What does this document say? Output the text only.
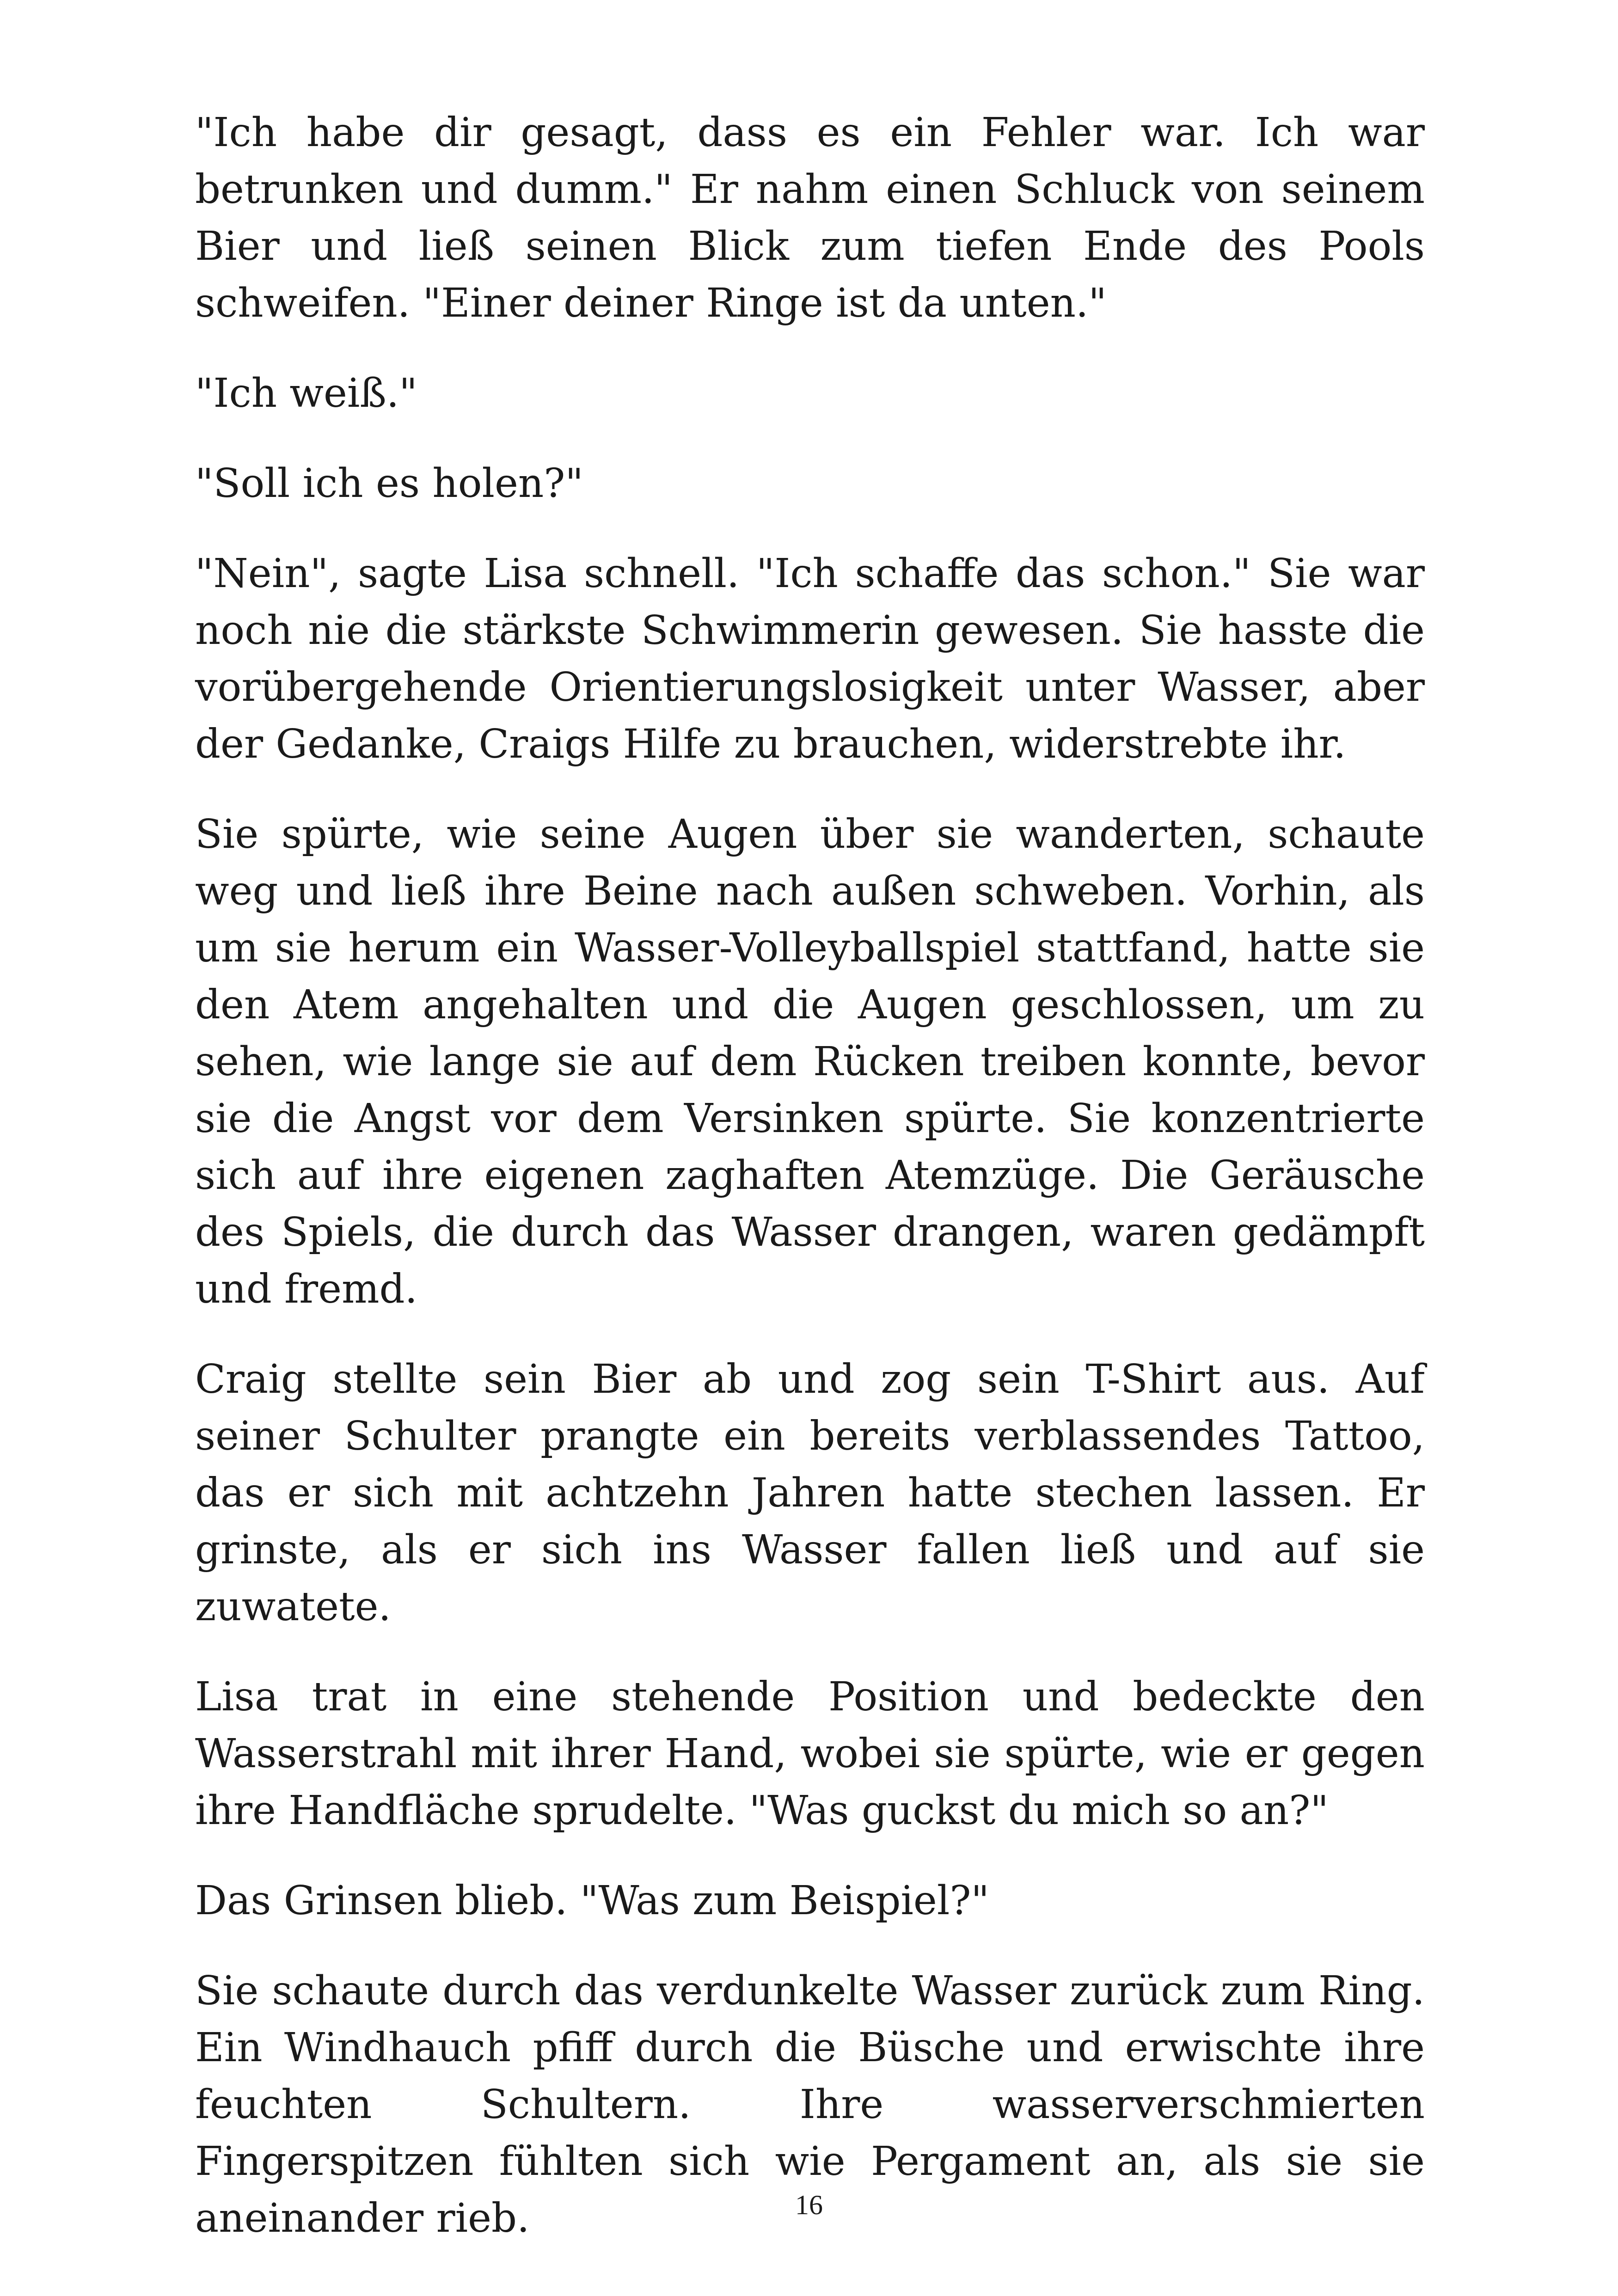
"Ich habe dir gesagt, dass es ein Fehler war. Ich war betrunken und dumm." Er nahm einen Schluck von seinem Bier und ließ seinen Blick zum tiefen Ende des Pools schweifen. "Einer deiner Ringe ist da unten."

"Ich weiß."

"Soll ich es holen?"

"Nein", sagte Lisa schnell. "Ich schaffe das schon." Sie war noch nie die stärkste Schwimmerin gewesen. Sie hasste die vorübergehende Orientierungslosigkeit unter Wasser, aber der Gedanke, Craigs Hilfe zu brauchen, widerstrebte ihr.

Sie spürte, wie seine Augen über sie wanderten, schaute weg und ließ ihre Beine nach außen schweben. Vorhin, als um sie herum ein Wasser-Volleyballspiel stattfand, hatte sie den Atem angehalten und die Augen geschlossen, um zu sehen, wie lange sie auf dem Rücken treiben konnte, bevor sie die Angst vor dem Versinken spürte. Sie konzentrierte sich auf ihre eigenen zaghaften Atemzüge. Die Geräusche des Spiels, die durch das Wasser drangen, waren gedämpft und fremd.

Craig stellte sein Bier ab und zog sein T-Shirt aus. Auf seiner Schulter prangte ein bereits verblassendes Tattoo, das er sich mit achtzehn Jahren hatte stechen lassen. Er grinste, als er sich ins Wasser fallen ließ und auf sie zuwatete.

Lisa trat in eine stehende Position und bedeckte den Wasserstrahl mit ihrer Hand, wobei sie spürte, wie er gegen ihre Handfläche sprudelte. "Was guckst du mich so an?"

Das Grinsen blieb. "Was zum Beispiel?"

Sie schaute durch das verdunkelte Wasser zurück zum Ring. Ein Windhauch pfiff durch die Büsche und erwischte ihre feuchten Schultern. Ihre wasserverschmierten Fingerspitzen fühlten sich wie Pergament an, als sie sie aneinander rieb.	16
